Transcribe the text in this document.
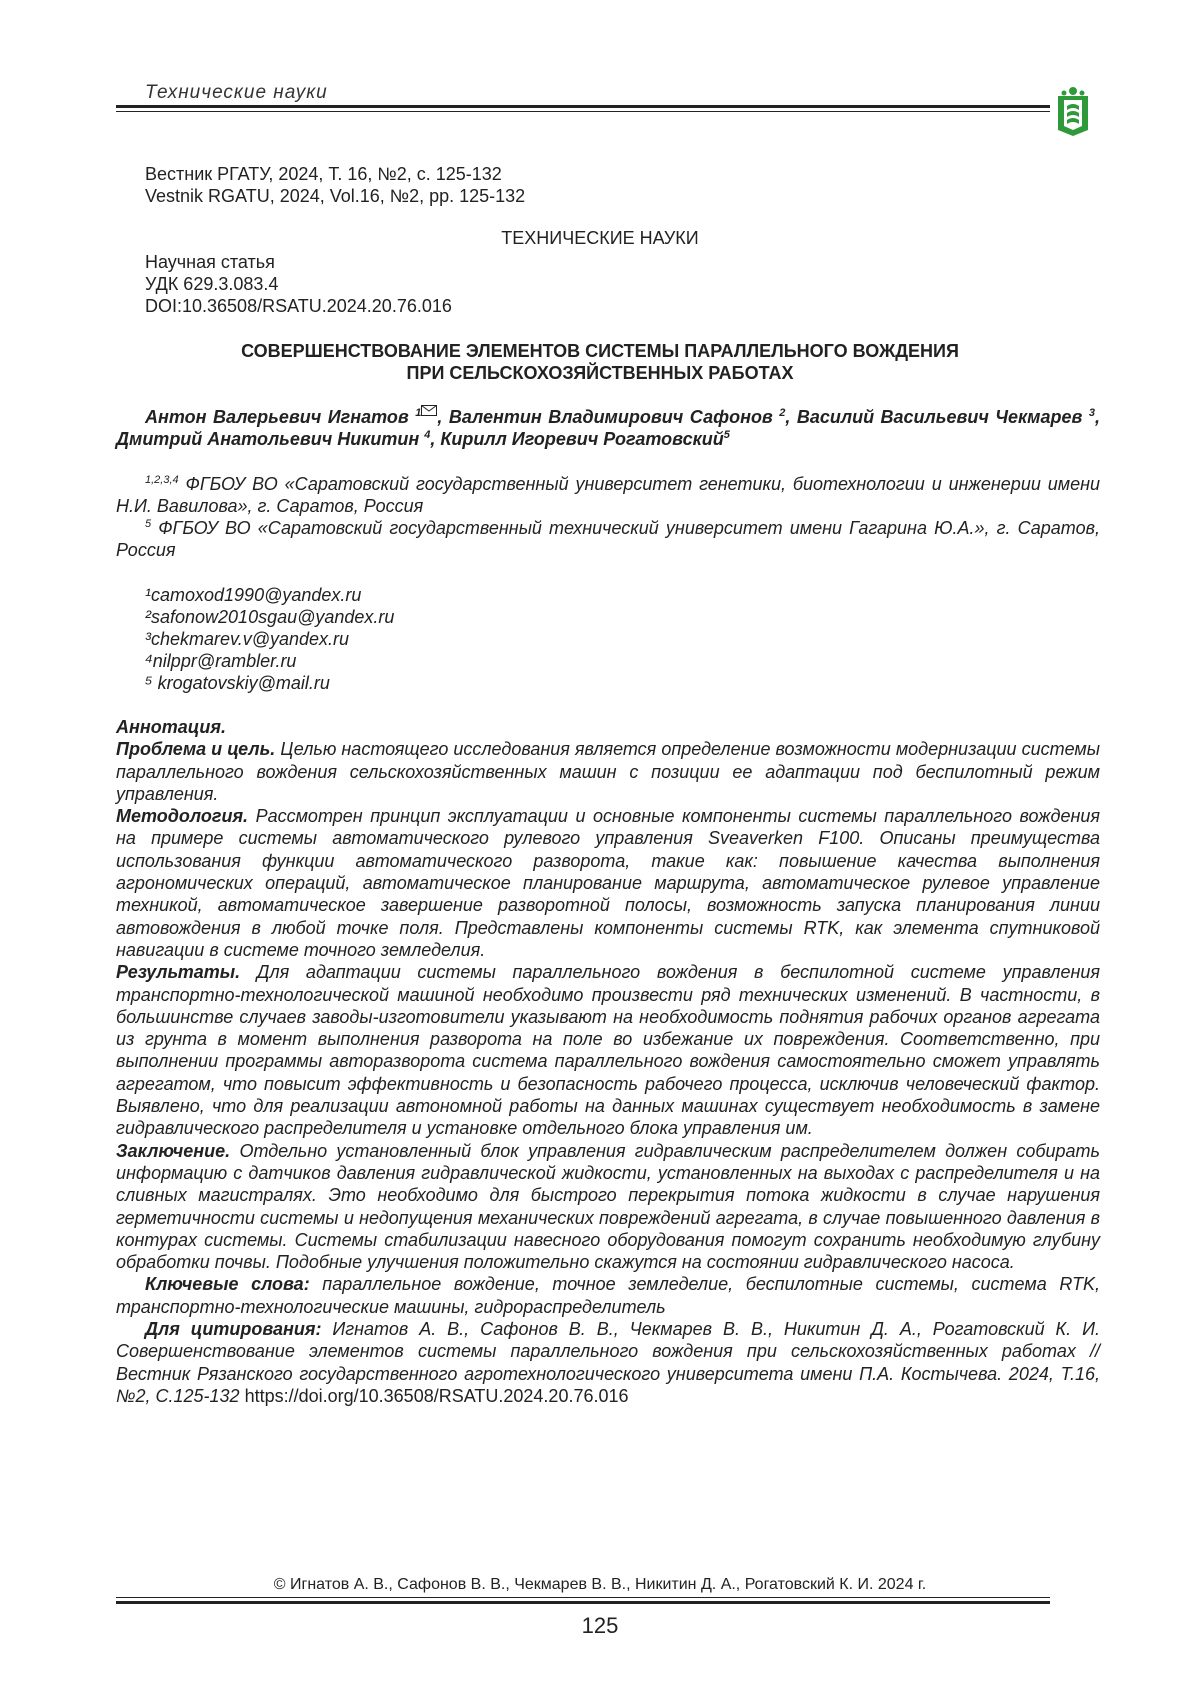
Технические науки
Вестник РГАТУ, 2024, Т. 16, №2, с. 125-132
Vestnik RGATU, 2024, Vol.16, №2, pp. 125-132
ТЕХНИЧЕСКИЕ НАУКИ
Научная статья
УДК 629.3.083.4
DOI:10.36508/RSATU.2024.20.76.016
СОВЕРШЕНСТВОВАНИЕ ЭЛЕМЕНТОВ СИСТЕМЫ ПАРАЛЛЕЛЬНОГО ВОЖДЕНИЯ
ПРИ СЕЛЬСКОХОЗЯЙСТВЕННЫХ РАБОТАХ
Антон Валерьевич Игнатов $^1$ , Валентин Владимирович Сафонов $^2$, Василий Васильевич Чекмарев $^3$, Дмитрий Анатольевич Никитин $^4$, Кирилл Игоревич Рогатовский$^5$
$^{1,2,3,4}$ ФГБОУ ВО «Саратовский государственный университет генетики, биотехнологии и инженерии имени Н.И. Вавилова», г. Саратов, Россия
$^5$ ФГБОУ ВО «Саратовский государственный технический университет имени Гагарина Ю.А.», г. Саратов, Россия
¹camoxod1990@yandex.ru
²safonow2010sgau@yandex.ru
³chekmarev.v@yandex.ru
⁴nilppr@rambler.ru
⁵ krogatovskiy@mail.ru

Аннотация.

Проблема и цель. Целью настоящего исследования является определение возможности модернизации системы параллельного вождения сельскохозяйственных машин с позиции ее адаптации под беспилотный режим управления.

Методология. Рассмотрен принцип эксплуатации и основные компоненты системы параллельного вождения на примере системы автоматического рулевого управления Sveaverken F100. Описаны преимущества использования функции автоматического разворота, такие как: повышение качества выполнения агрономических операций, автоматическое планирование маршрута, автоматическое рулевое управление техникой, автоматическое завершение разворотной полосы, возможность запуска планирования линии автовождения в любой точке поля. Представлены компоненты системы RTK, как элемента спутниковой навигации в системе точного земледелия.

Результаты. Для адаптации системы параллельного вождения в беспилотной системе управления транспортно-технологической машиной необходимо произвести ряд технических изменений. В частности, в большинстве случаев заводы-изготовители указывают на необходимость поднятия рабочих органов агрегата из грунта в момент выполнения разворота на поле во избежание их повреждения. Соответственно, при выполнении программы авторазворота система параллельного вождения самостоятельно сможет управлять агрегатом, что повысит эффективность и безопасность рабочего процесса, исключив человеческий фактор. Выявлено, что для реализации автономной работы на данных машинах существует необходимость в замене гидравлического распределителя и установке отдельного блока управления им.

Заключение. Отдельно установленный блок управления гидравлическим распределителем должен собирать информацию с датчиков давления гидравлической жидкости, установленных на выходах с распределителя и на сливных магистралях. Это необходимо для быстрого перекрытия потока жидкости в случае нарушения герметичности системы и недопущения механических повреждений агрегата, в случае повышенного давления в контурах системы. Системы стабилизации навесного оборудования помогут сохранить необходимую глубину обработки почвы. Подобные улучшения положительно скажутся на состоянии гидравлического насоса.

Ключевые слова: параллельное вождение, точное земледелие, беспилотные системы, система RTK, транспортно-технологические машины, гидрораспределитель

Для цитирования: Игнатов А. В., Сафонов В. В., Чекмарев В. В., Никитин Д. А., Рогатовский К. И. Совершенствование элементов системы параллельного вождения при сельскохозяйственных работах // Вестник Рязанского государственного агротехнологического университета имени П.А. Костычева. 2024, Т.16, №2, С.125-132 https://doi.org/10.36508/RSATU.2024.20.76.016

© Игнатов А. В., Сафонов В. В., Чекмарев В. В., Никитин Д. А., Рогатовский К. И. 2024 г.
125
